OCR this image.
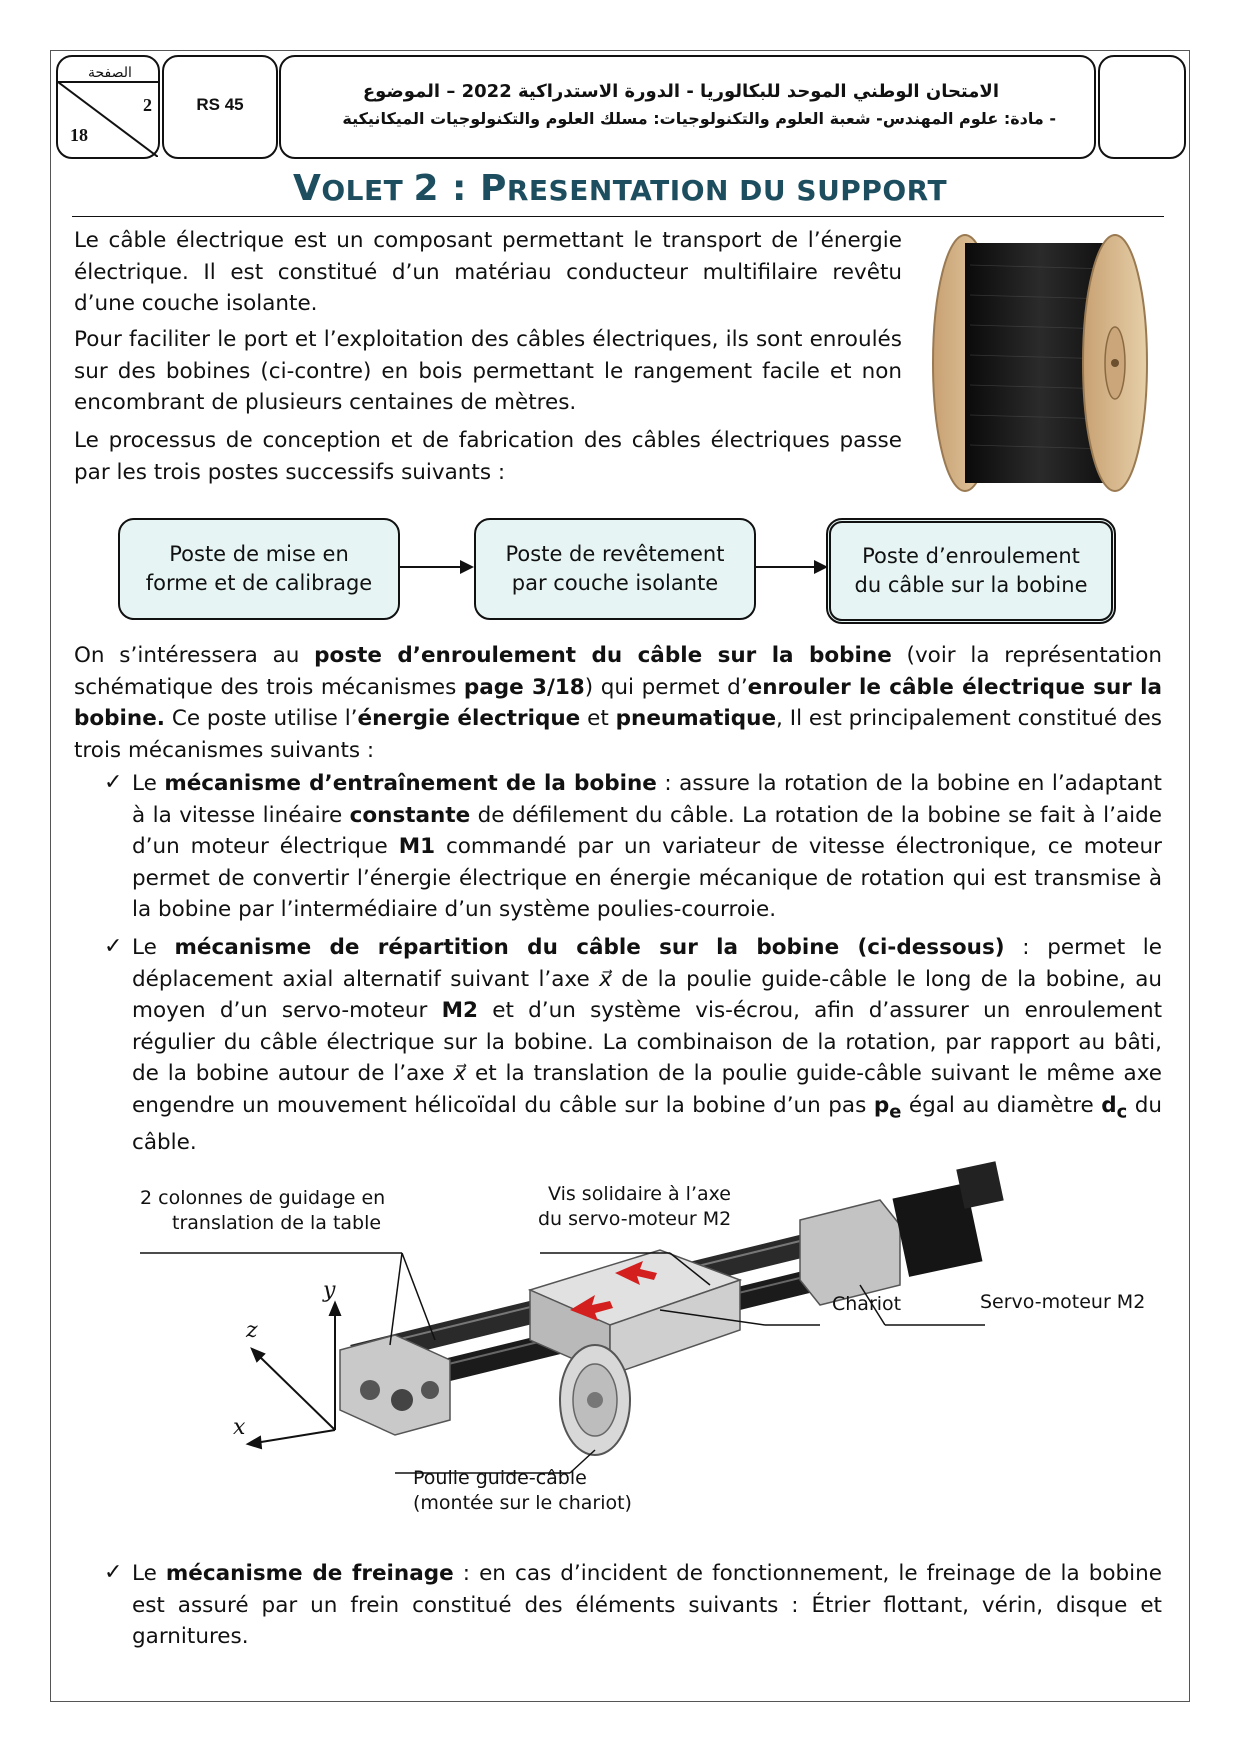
الصفحة
2
18
RS 45
الامتحان الوطني الموحد للبكالوريا - الدورة الاستدراكية 2022 – الموضوع
- مادة: علوم المهندس- شعبة العلوم والتكنولوجيات: مسلك العلوم والتكنولوجيات الميكانيكية
VOLET 2 : PRESENTATION DU SUPPORT
Le câble électrique est un composant permettant le transport de l’énergie électrique. Il est constitué d’un matériau conducteur multifilaire revêtu d’une couche isolante.
Pour faciliter le port et l’exploitation des câbles électriques, ils sont enroulés sur des bobines (ci-contre) en bois permettant le rangement facile et non encombrant de plusieurs centaines de mètres.
Le processus de conception et de fabrication des câbles électriques passe par les trois postes successifs suivants :
Poste de mise en
forme et de calibrage
Poste de revêtement
par couche isolante
Poste d’enroulement
du câble sur la bobine
On s’intéressera au poste d’enroulement du câble sur la bobine (voir la représentation schématique des trois mécanismes page 3/18) qui permet d’enrouler le câble électrique sur la bobine. Ce poste utilise l’énergie électrique et pneumatique, Il est principalement constitué des trois mécanismes suivants :
✓ Le mécanisme d’entraînement de la bobine : assure la rotation de la bobine en l’adaptant à la vitesse linéaire constante de défilement du câble. La rotation de la bobine se fait à l’aide d’un moteur électrique M1 commandé par un variateur de vitesse électronique, ce moteur permet de convertir l’énergie électrique en énergie mécanique de rotation qui est transmise à la bobine par l’intermédiaire d’un système poulies-courroie.
✓ Le mécanisme de répartition du câble sur la bobine (ci-dessous) : permet le déplacement axial alternatif suivant l’axe x⃗ de la poulie guide-câble le long de la bobine, au moyen d’un servo-moteur M2 et d’un système vis-écrou, afin d’assurer un enroulement régulier du câble électrique sur la bobine. La combinaison de la rotation, par rapport au bâti, de la bobine autour de l’axe x⃗ et la translation de la poulie guide-câble suivant le même axe engendre un mouvement hélicoïdal du câble sur la bobine d’un pas $p_e$ égal au diamètre $d_c$ du câble.
2 colonnes de guidage en
translation de la table
Vis solidaire à l’axe
du servo-moteur M2
Chariot	Servo-moteur M2
Poulie guide-câble
(montée sur le chariot)
y
z
x
✓ Le mécanisme de freinage : en cas d’incident de fonctionnement, le freinage de la bobine est assuré par un frein constitué des éléments suivants : Étrier flottant, vérin, disque et garnitures.
